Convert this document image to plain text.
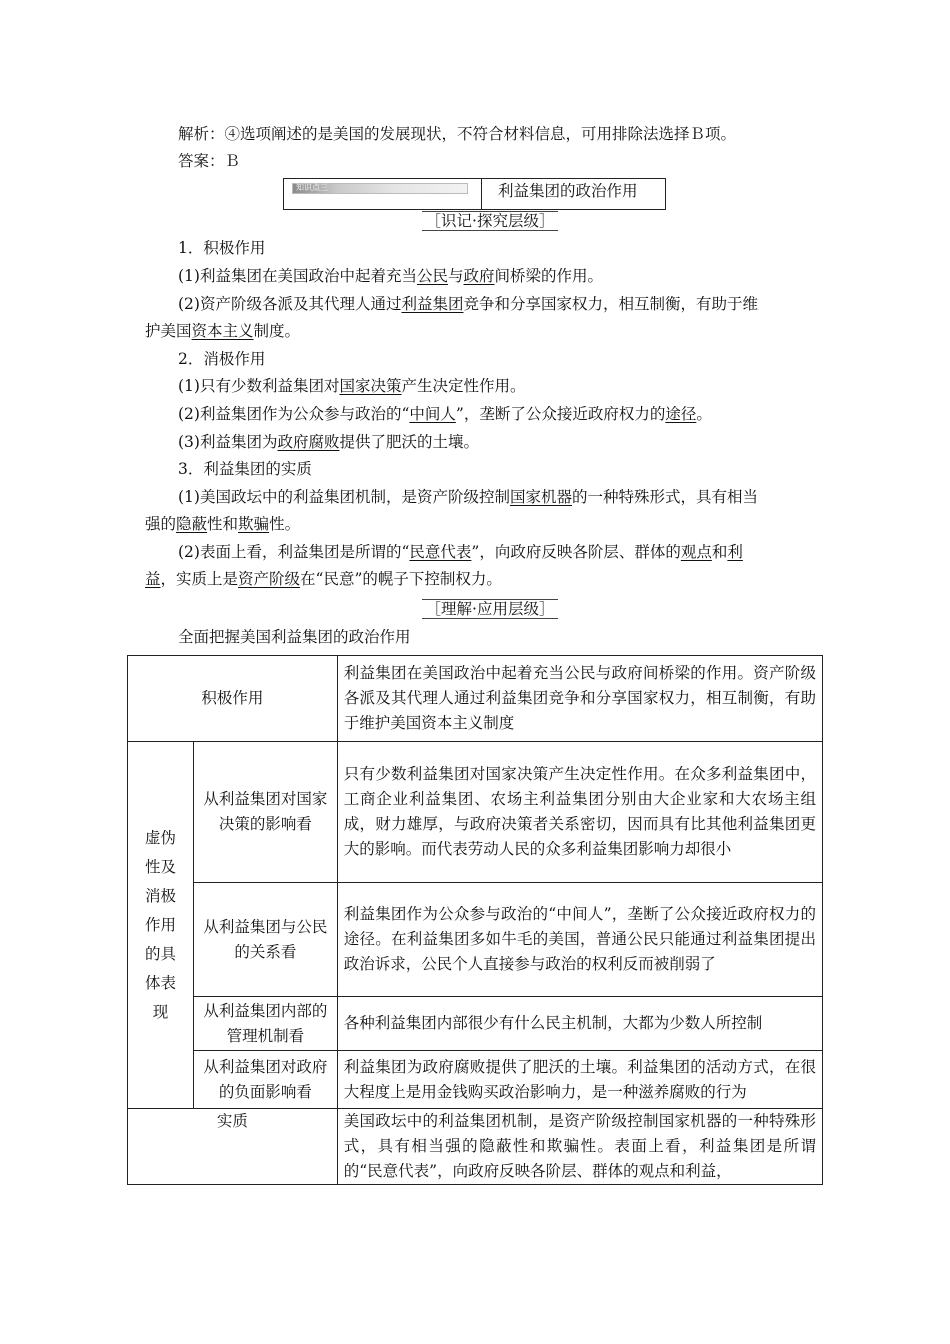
解析：④选项阐述的是美国的发展现状，不符合材料信息，可用排除法选择Ｂ项。
答案：Ｂ
知识点三	利益集团的政治作用
［识记·探究层级］
1．积极作用
(1)利益集团在美国政治中起着充当公民与政府间桥梁的作用。
(2)资产阶级各派及其代理人通过利益集团竞争和分享国家权力，相互制衡，有助于维
护美国资本主义制度。
2．消极作用
(1)只有少数利益集团对国家决策产生决定性作用。
(2)利益集团作为公众参与政治的“中间人”，垄断了公众接近政府权力的途径。
(3)利益集团为政府腐败提供了肥沃的土壤。
3．利益集团的实质
(1)美国政坛中的利益集团机制，是资产阶级控制国家机器的一种特殊形式，具有相当
强的隐蔽性和欺骗性。
(2)表面上看，利益集团是所谓的“民意代表”，向政府反映各阶层、群体的观点和利
益，实质上是资产阶级在“民意”的幌子下控制权力。
［理解·应用层级］
全面把握美国利益集团的政治作用
积极作用		利益集团在美国政治中起着充当公民与政府间桥梁的作用。资产阶级各派及其代理人通过利益集团竞争和分享国家权力，相互制衡，有助于维护美国资本主义制度
虚伪性及消极作用的具体表现	从利益集团对国家决策的影响看	只有少数利益集团对国家决策产生决定性作用。在众多利益集团中，工商企业利益集团、农场主利益集团分别由大企业家和大农场主组成，财力雄厚，与政府决策者关系密切，因而具有比其他利益集团更大的影响。而代表劳动人民的众多利益集团影响力却很小
	从利益集团与公民的关系看	利益集团作为公众参与政治的“中间人”，垄断了公众接近政府权力的途径。在利益集团多如牛毛的美国，普通公民只能通过利益集团提出政治诉求，公民个人直接参与政治的权利反而被削弱了
	从利益集团内部的管理机制看	各种利益集团内部很少有什么民主机制，大都为少数人所控制
	从利益集团对政府的负面影响看	利益集团为政府腐败提供了肥沃的土壤。利益集团的活动方式，在很大程度上是用金钱购买政治影响力，是一种滋养腐败的行为
实质		美国政坛中的利益集团机制，是资产阶级控制国家机器的一种特殊形式，具有相当强的隐蔽性和欺骗性。表面上看，利益集团是所谓的“民意代表”，向政府反映各阶层、群体的观点和利益，
